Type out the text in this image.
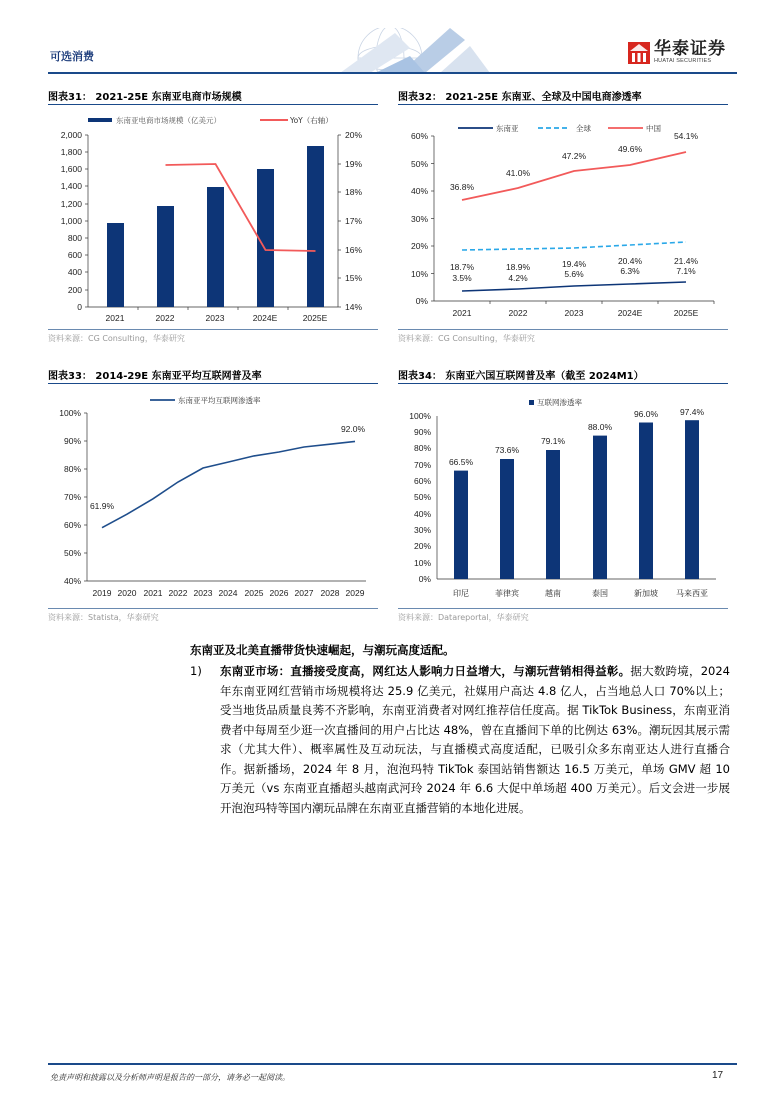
可选消费	华泰证券
HUATAI SECURITIES
图表31： 2021-25E 东南亚电商市场规模
东南亚电商市场规模（亿美元）	YoY（右轴）
0
200
400
600
800
1,000
1,200
1,400
1,600
1,800
2,000
14%
15%
16%
17%
18%
19%
20%
2021	2022	2023	2024E	2025E
资料来源：CG Consulting，华泰研究
图表32： 2021-25E 东南亚、全球及中国电商渗透率
东南亚	全球	中国
0%
10%
20%
30%
40%
50%
60%
36.8%
41.0%
47.2%
49.6%
54.1%
18.7%	18.9%	19.4%	20.4%	21.4%
3.5%	4.2%	5.6%	6.3%	7.1%
2021	2022	2023	2024E	2025E
资料来源：CG Consulting，华泰研究
图表33： 2014-29E 东南亚平均互联网普及率
东南亚平均互联网渗透率
40%
50%
60%
70%
80%
90%
100%
61.9%
92.0%
2019 2020 2021 2022 2023 2024 2025 2026 2027 2028 2029
资料来源：Statista，华泰研究
图表34： 东南亚六国互联网普及率（截至 2024M1）
互联网渗透率
0%
10%
20%
30%
40%
50%
60%
70%
80%
90%
100%
66.5%
73.6%
79.1%
88.0%
96.0%	97.4%
印尼	菲律宾	越南	泰国	新加坡 马来西亚
资料来源：Datareportal，华泰研究
东南亚及北美直播带货快速崛起，与潮玩高度适配。
1) 东南亚市场：直播接受度高，网红达人影响力日益增大，与潮玩营销相得益彰。据大数跨境，2024 年东南亚网红营销市场规模将达 25.9 亿美元，社媒用户高达 4.8 亿人，占当地总人口 70%以上；受当地货品质量良莠不齐影响，东南亚消费者对网红推荐信任度高。据 TikTok Business，东南亚消费者中每周至少逛一次直播间的用户占比达 48%，曾在直播间下单的比例达 63%。潮玩因其展示需求（尤其大件）、概率属性及互动玩法，与直播模式高度适配，已吸引众多东南亚达人进行直播合作。据新播场，2024 年 8 月，泡泡玛特 TikTok 泰国站销售额达 16.5 万美元，单场 GMV 超 10 万美元（vs 东南亚直播超头越南武河玲 2024 年 6.6 大促中单场超 400 万美元）。后文会进一步展开泡泡玛特等国内潮玩品牌在东南亚直播营销的本地化进展。
免责声明和披露以及分析师声明是报告的一部分，请务必一起阅读。	17
